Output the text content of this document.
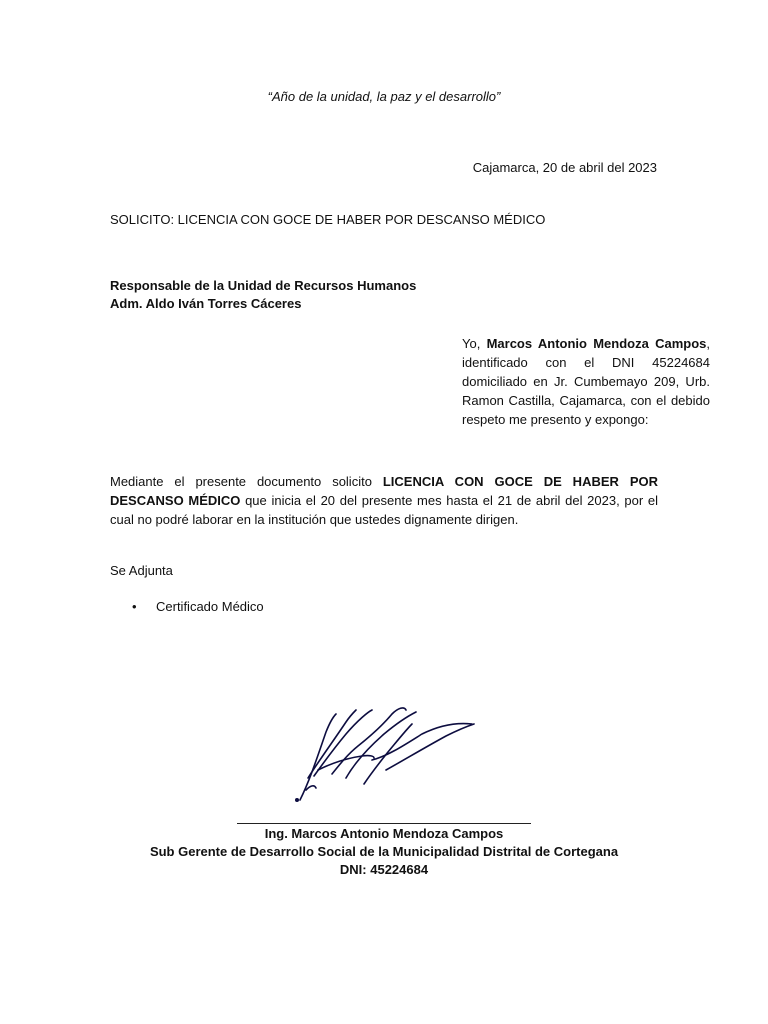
“Año de la unidad, la paz y el desarrollo”
Cajamarca, 20 de abril del 2023
SOLICITO: LICENCIA CON GOCE DE HABER POR DESCANSO MÉDICO
Responsable de la Unidad de Recursos Humanos
Adm. Aldo Iván Torres Cáceres
Yo, Marcos Antonio Mendoza Campos, identificado con el DNI 45224684 domiciliado en Jr. Cumbemayo 209, Urb. Ramon Castilla, Cajamarca, con el debido respeto me presento y expongo:
Mediante el presente documento solicito LICENCIA CON GOCE DE HABER POR DESCANSO MÉDICO que inicia el 20 del presente mes hasta el 21 de abril del 2023, por el cual no podré laborar en la institución que ustedes dignamente dirigen.
Se Adjunta
• Certificado Médico
Ing. Marcos Antonio Mendoza Campos
Sub Gerente de Desarrollo Social de la Municipalidad Distrital de Cortegana
DNI: 45224684
